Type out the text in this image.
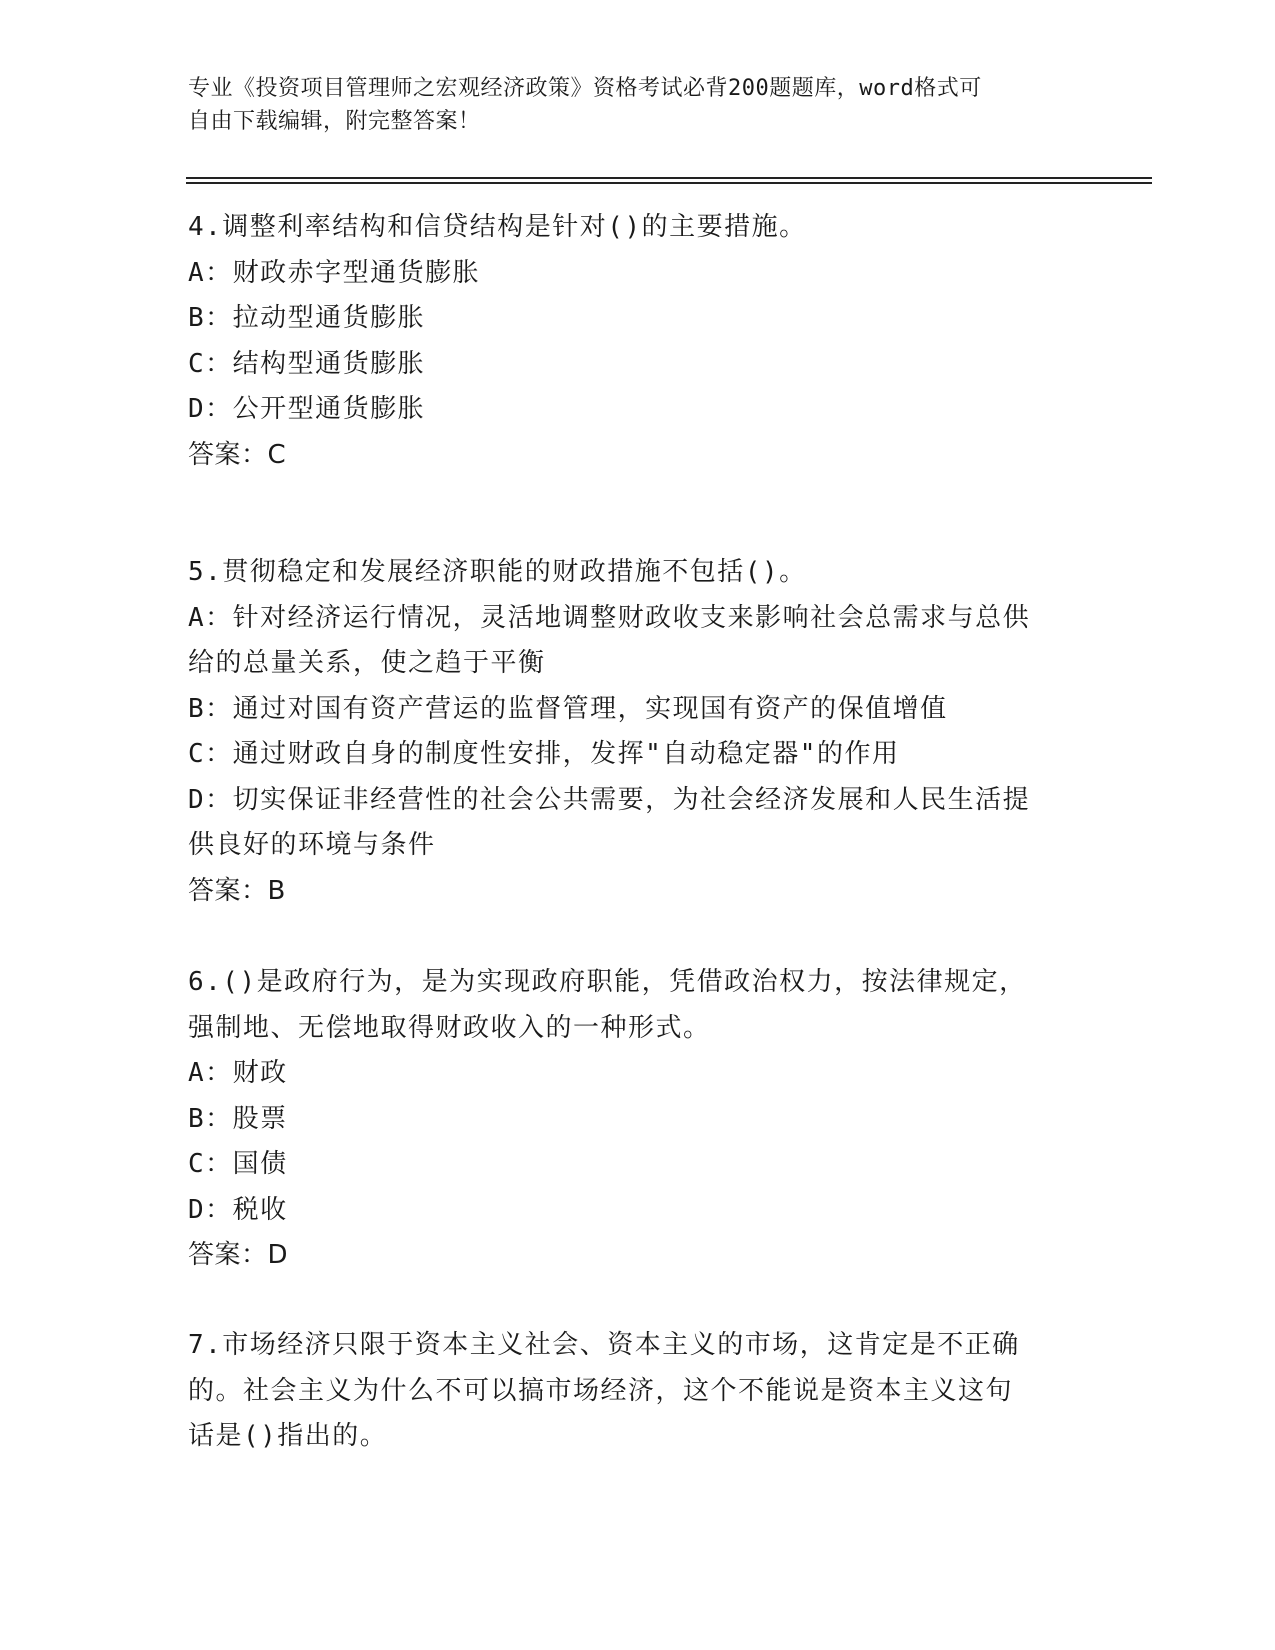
专业《投资项目管理师之宏观经济政策》资格考试必背200题题库，word格式可
自由下载编辑，附完整答案！
4.调整利率结构和信贷结构是针对()的主要措施。
A：财政赤字型通货膨胀
B：拉动型通货膨胀
C：结构型通货膨胀
D：公开型通货膨胀
答案：C
5.贯彻稳定和发展经济职能的财政措施不包括()。
A：针对经济运行情况，灵活地调整财政收支来影响社会总需求与总供
给的总量关系，使之趋于平衡
B：通过对国有资产营运的监督管理，实现国有资产的保值增值
C：通过财政自身的制度性安排，发挥"自动稳定器"的作用
D：切实保证非经营性的社会公共需要，为社会经济发展和人民生活提
供良好的环境与条件
答案：B
6.()是政府行为，是为实现政府职能，凭借政治权力，按法律规定，
强制地、无偿地取得财政收入的一种形式。
A：财政
B：股票
C：国债
D：税收
答案：D
7.市场经济只限于资本主义社会、资本主义的市场，这肯定是不正确
的。社会主义为什么不可以搞市场经济，这个不能说是资本主义这句
话是()指出的。
